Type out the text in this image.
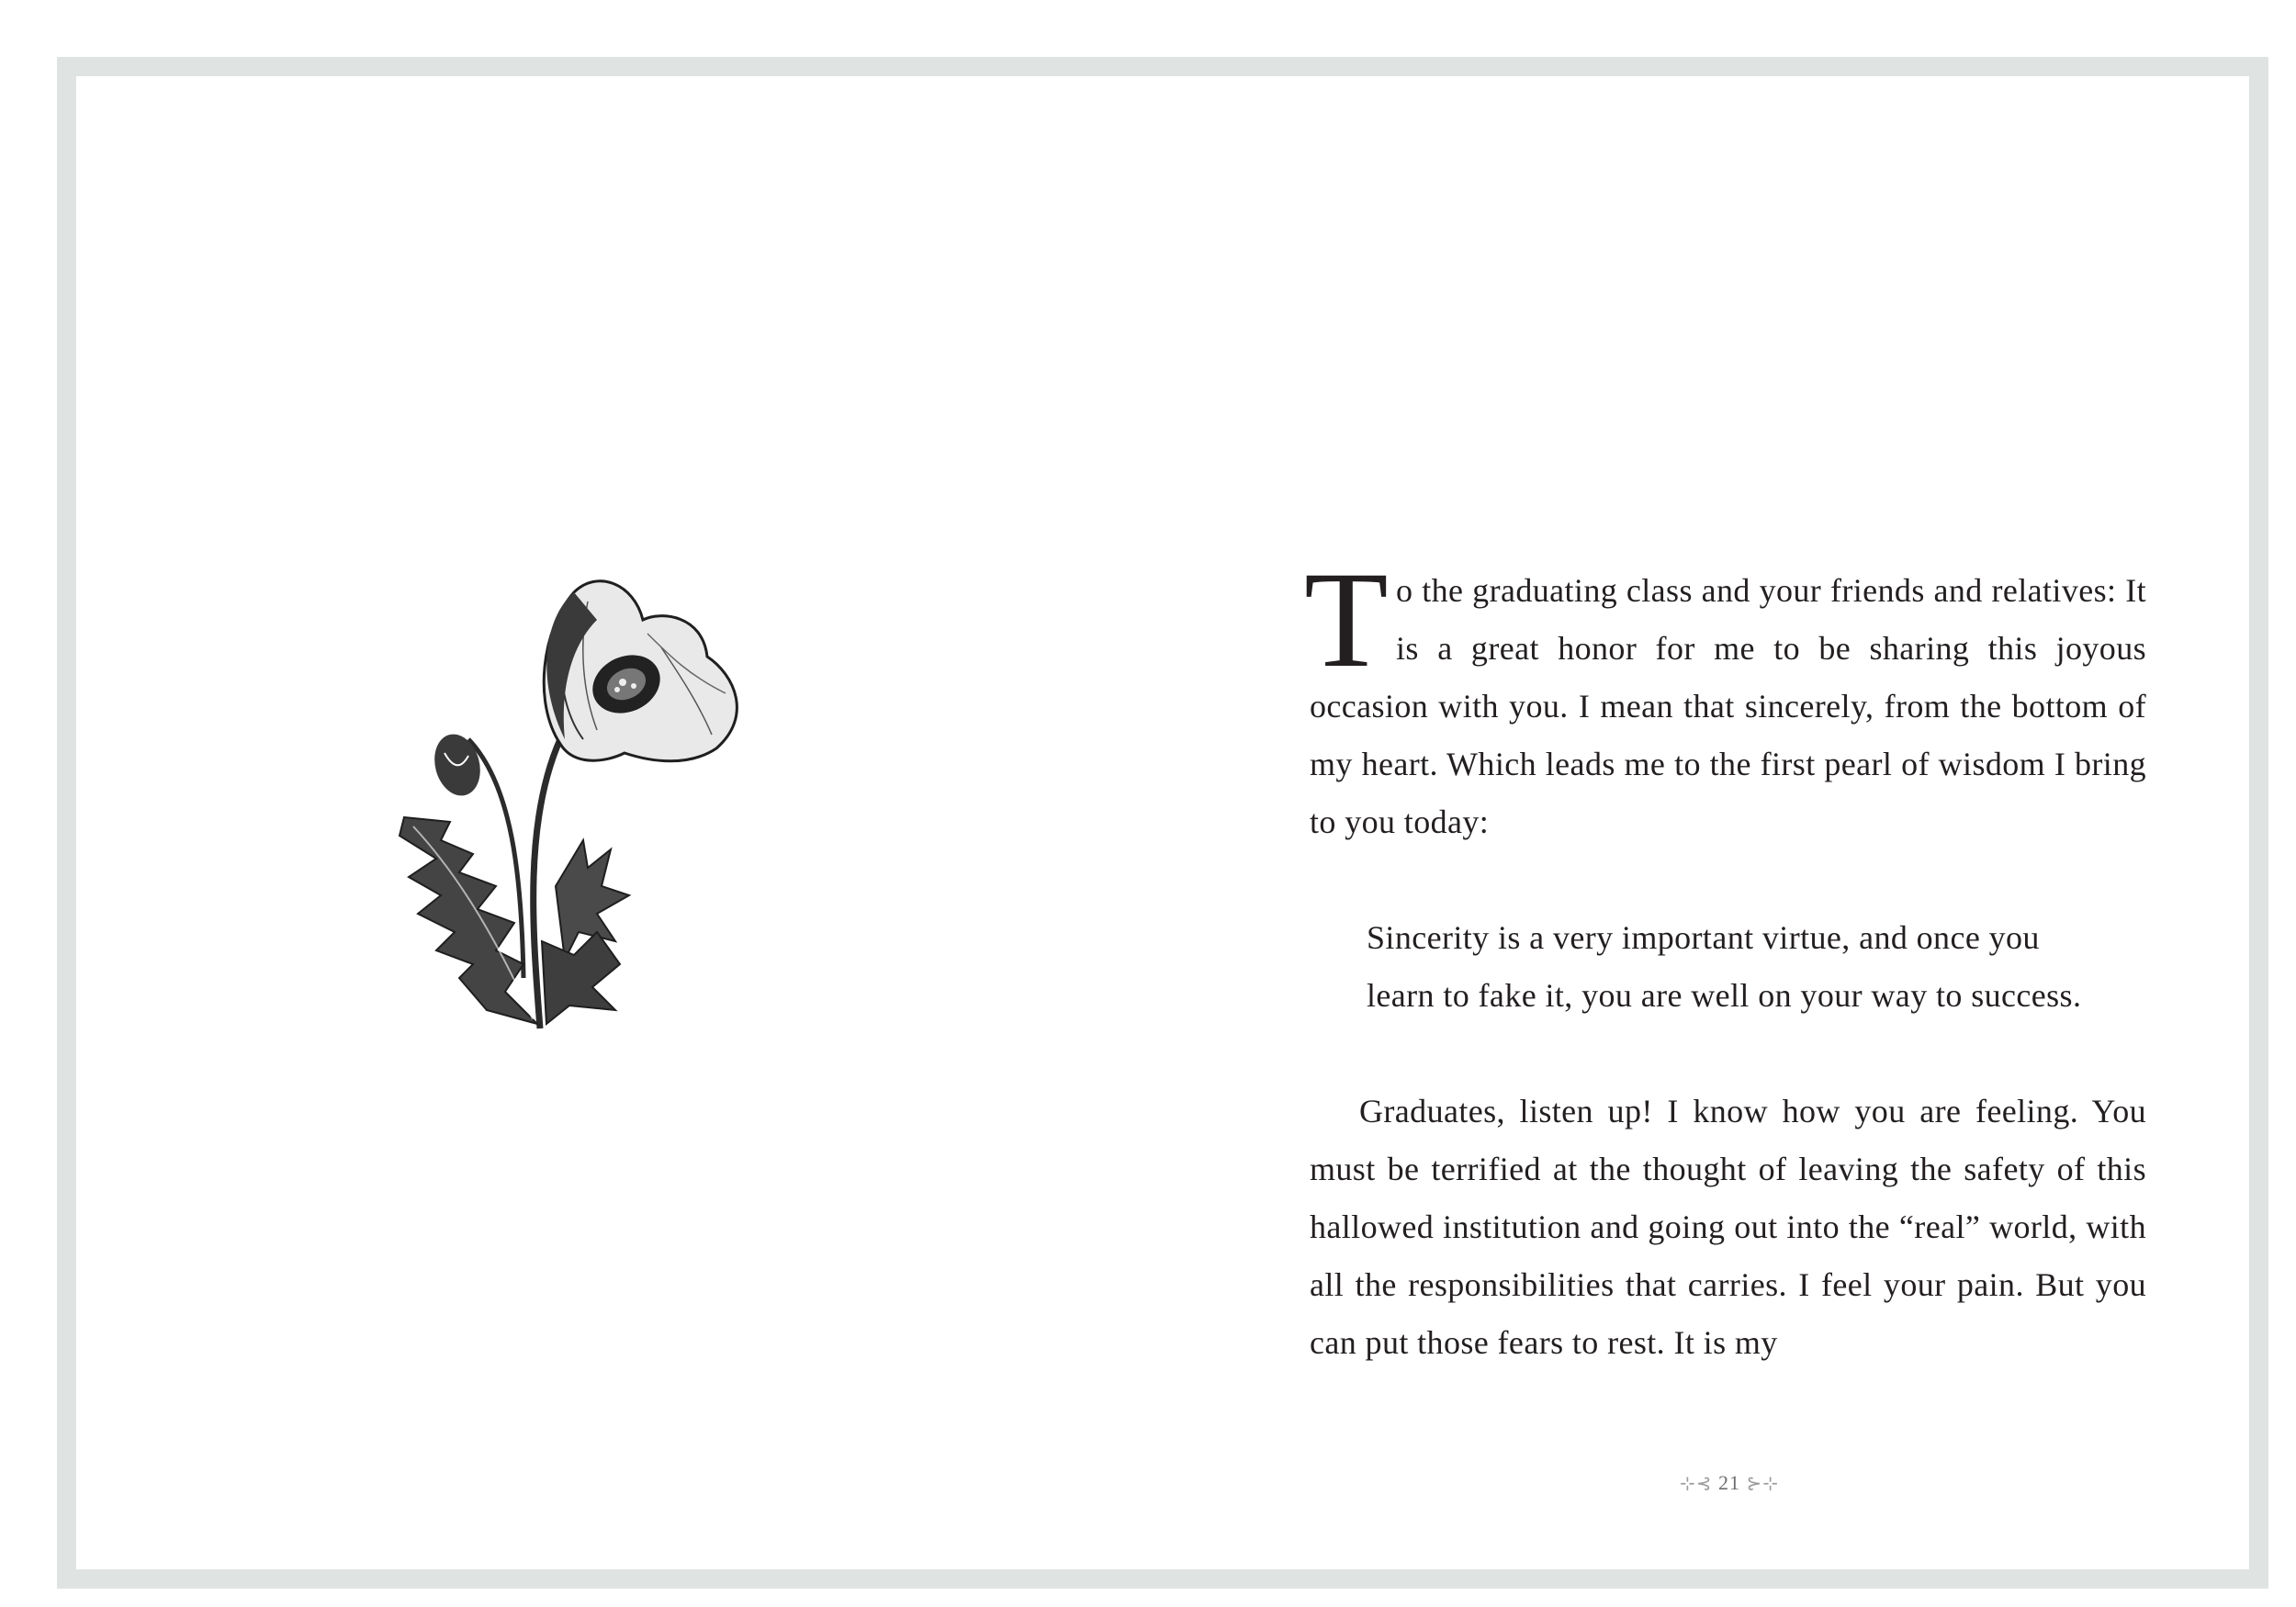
To the graduating class and your friends and relatives: It is a great honor for me to be sharing this joyous occasion with you. I mean that sincerely, from the bottom of my heart. Which leads me to the first pearl of wisdom I bring to you today:

Sincerity is a very important virtue, and once you learn to fake it, you are well on your way to success.

Graduates, listen up! I know how you are feeling. You must be terrified at the thought of leaving the safety of this hallowed institution and going out into the “real” world, with all the responsibilities that carries. I feel your pain. But you can put those fears to rest. It is my

⊹⊰ 21 ⊱⊹
